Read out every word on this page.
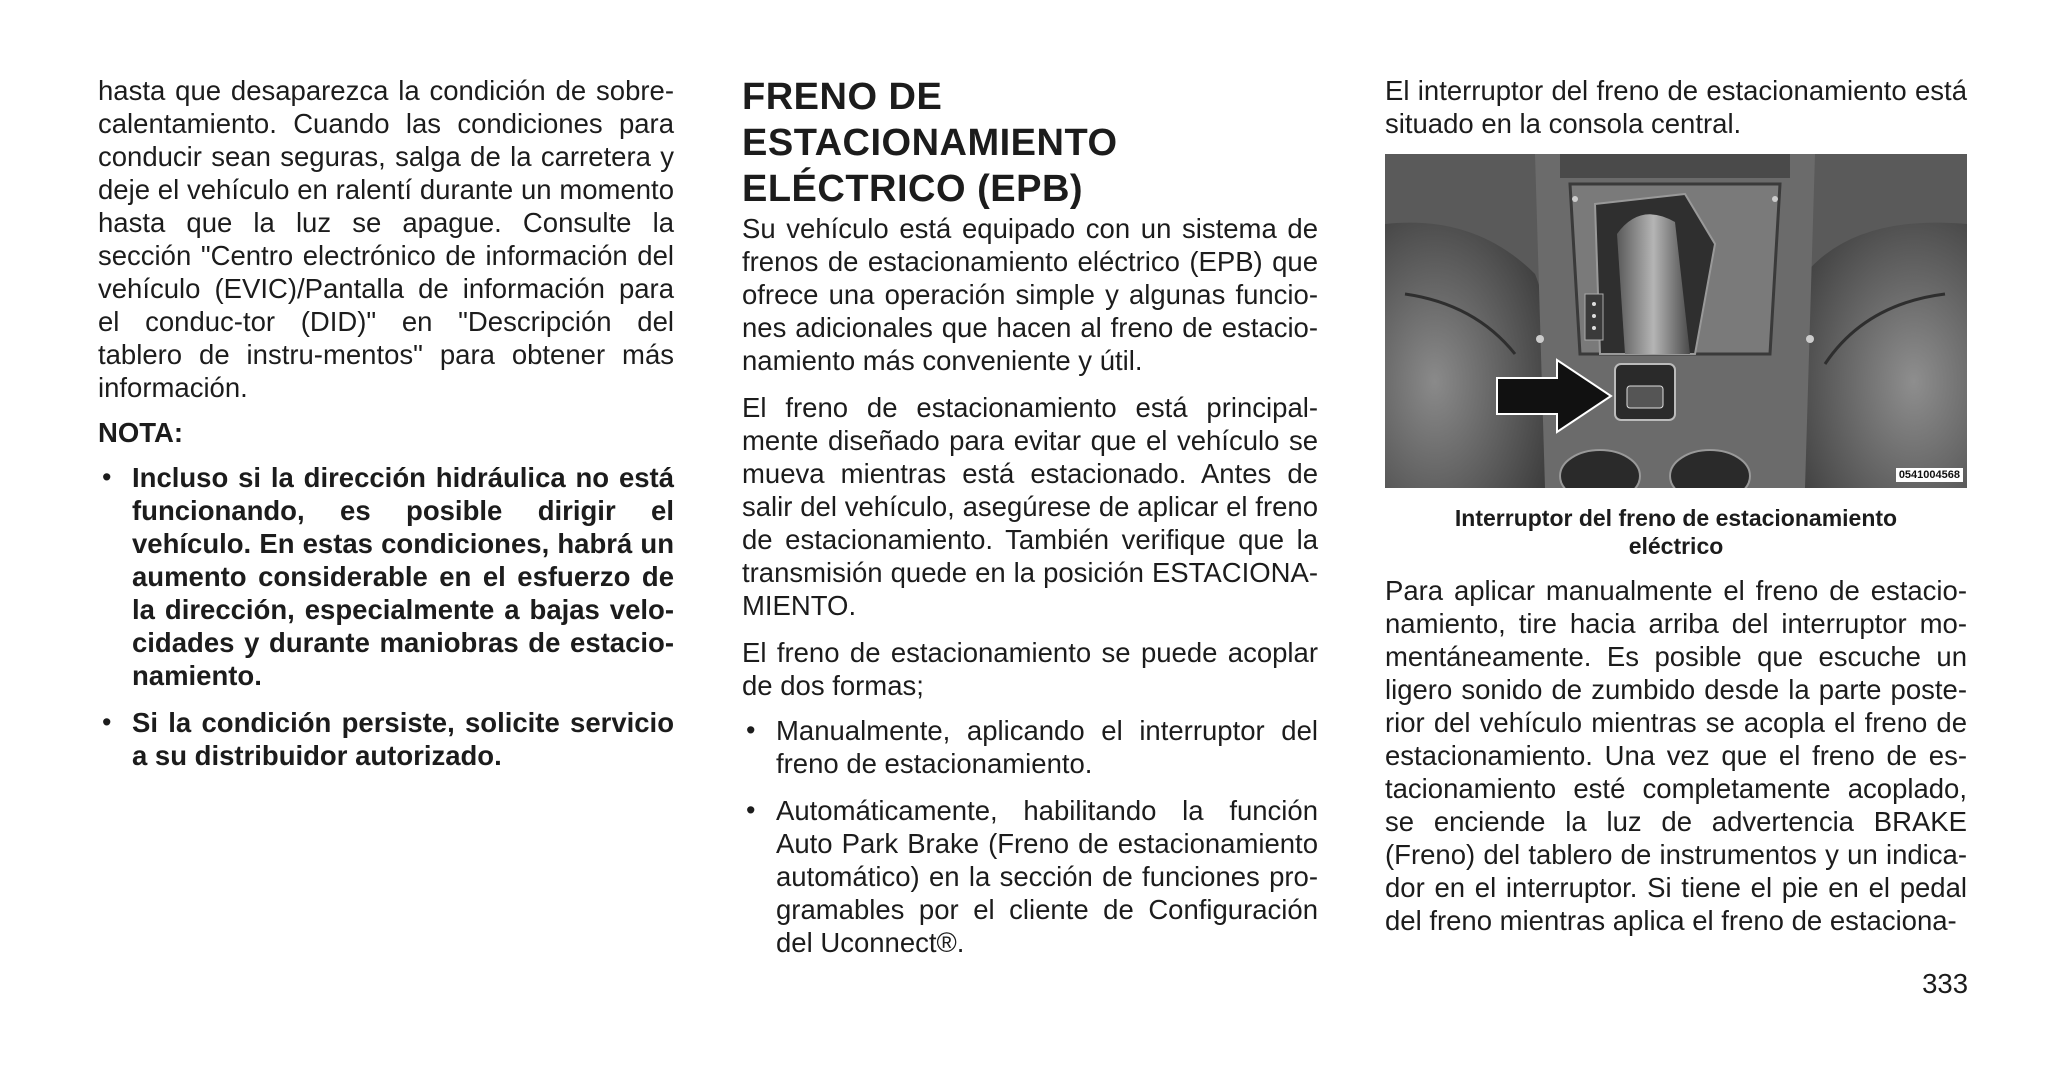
hasta que desaparezca la condición de sobre-calentamiento. Cuando las condiciones para conducir sean seguras, salga de la carretera y deje el vehículo en ralentí durante un momento hasta que la luz se apague. Consulte la sección "Centro electrónico de información del vehículo (EVIC)/Pantalla de información para el conduc-tor (DID)" en "Descripción del tablero de instru-mentos" para obtener más información.

NOTA:
• Incluso si la dirección hidráulica no está funcionando, es posible dirigir el vehículo. En estas condiciones, habrá un aumento considerable en el esfuerzo de la dirección, especialmente a bajas velo-cidades y durante maniobras de estacio-namiento.
• Si la condición persiste, solicite servicio a su distribuidor autorizado.
FRENO DE
ESTACIONAMIENTO
ELÉCTRICO (EPB)

Su vehículo está equipado con un sistema de frenos de estacionamiento eléctrico (EPB) que ofrece una operación simple y algunas funcio-nes adicionales que hacen al freno de estacio-namiento más conveniente y útil.

El freno de estacionamiento está principal-mente diseñado para evitar que el vehículo se mueva mientras está estacionado. Antes de salir del vehículo, asegúrese de aplicar el freno de estacionamiento. También verifique que la transmisión quede en la posición ESTACIONA-MIENTO.

El freno de estacionamiento se puede acoplar de dos formas;

• Manualmente, aplicando el interruptor del freno de estacionamiento.
• Automáticamente, habilitando la función Auto Park Brake (Freno de estacionamiento automático) en la sección de funciones pro-gramables por el cliente de Configuración del Uconnect®.

El interruptor del freno de estacionamiento está situado en la consola central.

0541004568
Interruptor del freno de estacionamiento
eléctrico

Para aplicar manualmente el freno de estacio-namiento, tire hacia arriba del interruptor mo-mentáneamente. Es posible que escuche un ligero sonido de zumbido desde la parte poste-rior del vehículo mientras se acopla el freno de estacionamiento. Una vez que el freno de es-tacionamiento esté completamente acoplado, se enciende la luz de advertencia BRAKE (Freno) del tablero de instrumentos y un indica-dor en el interruptor. Si tiene el pie en el pedal del freno mientras aplica el freno de estaciona-

333
